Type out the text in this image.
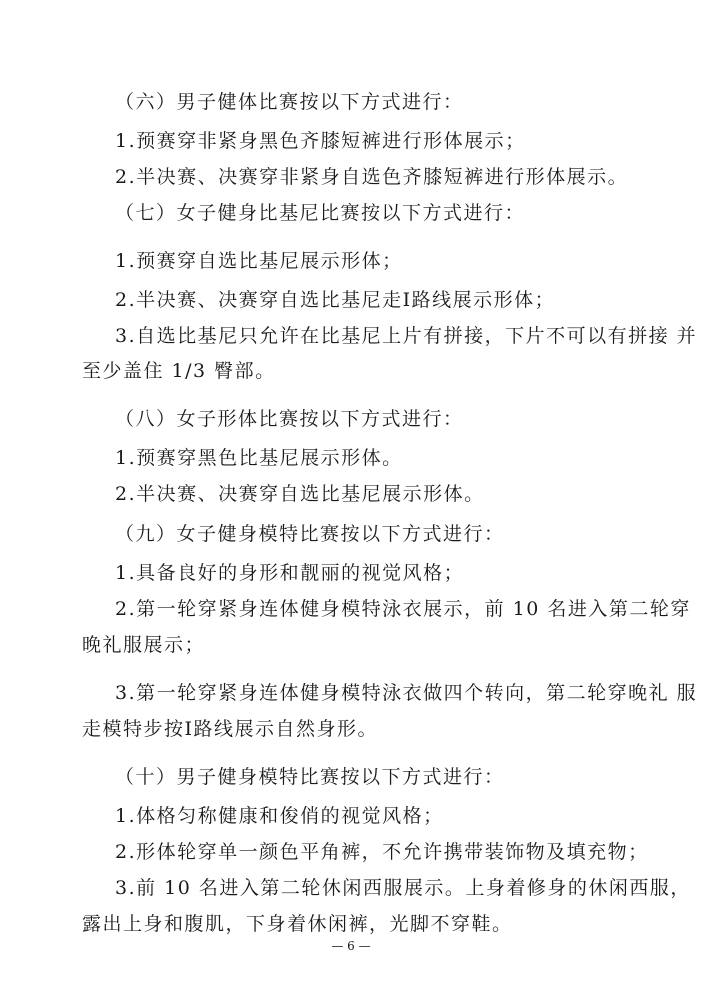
（六）男子健体比赛按以下方式进行：
1.预赛穿非紧身黑色齐膝短裤进行形体展示；
2.半决赛、决赛穿非紧身自选色齐膝短裤进行形体展示。
（七）女子健身比基尼比赛按以下方式进行：
1.预赛穿自选比基尼展示形体；
2.半决赛、决赛穿自选比基尼走Ⅰ路线展示形体；
3.自选比基尼只允许在比基尼上片有拼接，下片不可以有拼接 并
至少盖住 1/3 臀部。
（八）女子形体比赛按以下方式进行：
1.预赛穿黑色比基尼展示形体。
2.半决赛、决赛穿自选比基尼展示形体。
（九）女子健身模特比赛按以下方式进行：
1.具备良好的身形和靓丽的视觉风格；
2.第一轮穿紧身连体健身模特泳衣展示，前 10 名进入第二轮穿
晚礼服展示；
3.第一轮穿紧身连体健身模特泳衣做四个转向，第二轮穿晚礼 服
走模特步按Ⅰ路线展示自然身形。
（十）男子健身模特比赛按以下方式进行：
1.体格匀称健康和俊俏的视觉风格；
2.形体轮穿单一颜色平角裤，不允许携带装饰物及填充物；
3.前 10 名进入第二轮休闲西服展示。上身着修身的休闲西服，
露出上身和腹肌，下身着休闲裤，光脚不穿鞋。
— 6 —
